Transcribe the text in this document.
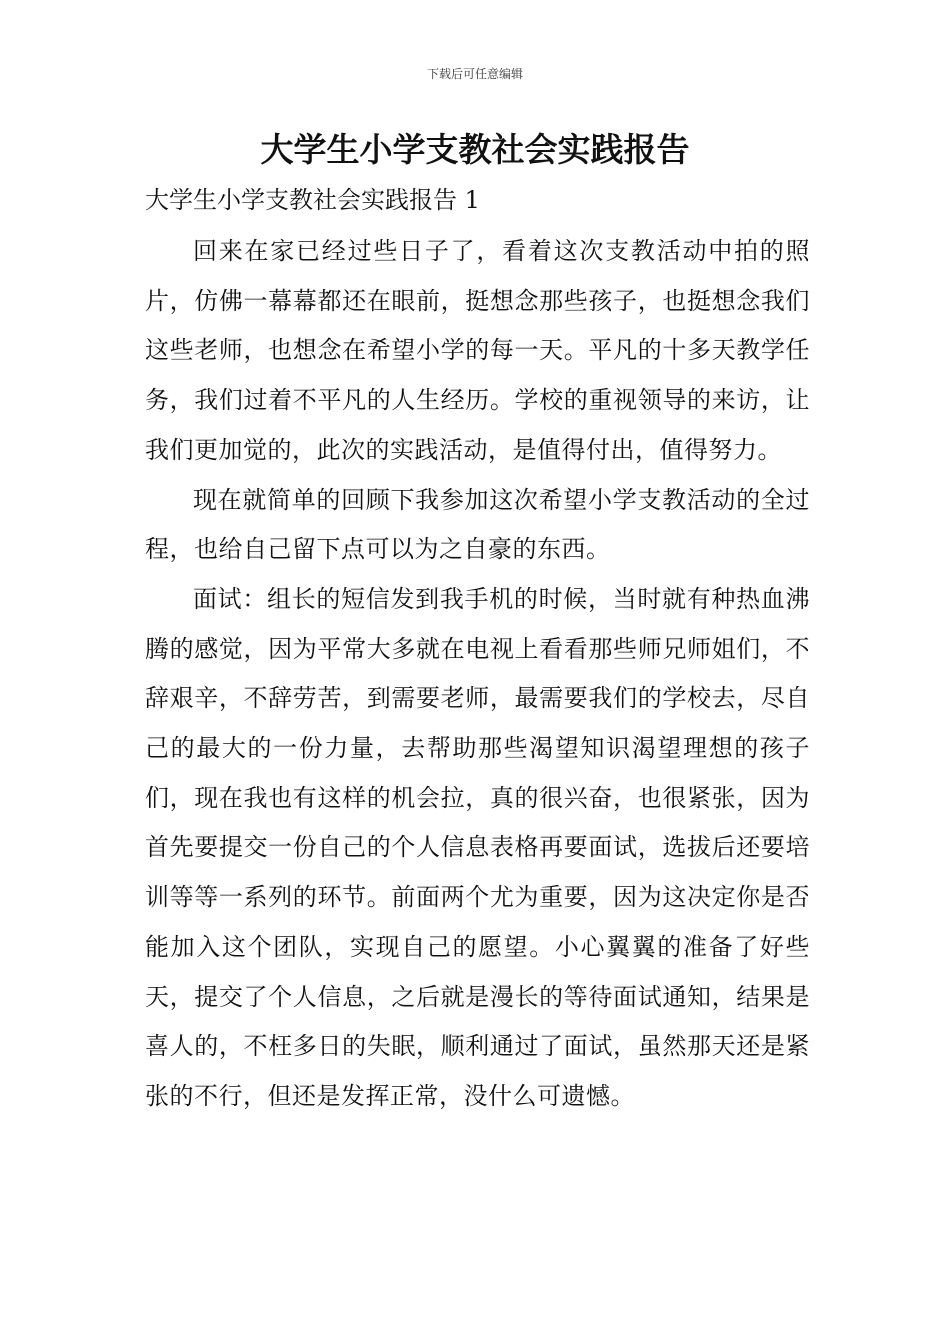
下载后可任意编辑
大学生小学支教社会实践报告
大学生小学支教社会实践报告 1

回来在家已经过些日子了，看着这次支教活动中拍的照片，仿佛一幕幕都还在眼前，挺想念那些孩子，也挺想念我们这些老师，也想念在希望小学的每一天。平凡的十多天教学任务，我们过着不平凡的人生经历。学校的重视领导的来访，让我们更加觉的，此次的实践活动，是值得付出，值得努力。

现在就简单的回顾下我参加这次希望小学支教活动的全过程，也给自己留下点可以为之自豪的东西。

面试：组长的短信发到我手机的时候，当时就有种热血沸腾的感觉，因为平常大多就在电视上看看那些师兄师姐们，不辞艰辛，不辞劳苦，到需要老师，最需要我们的学校去，尽自己的最大的一份力量，去帮助那些渴望知识渴望理想的孩子们，现在我也有这样的机会拉，真的很兴奋，也很紧张，因为首先要提交一份自己的个人信息表格再要面试，选拔后还要培训等等一系列的环节。前面两个尤为重要，因为这决定你是否能加入这个团队，实现自己的愿望。小心翼翼的准备了好些天，提交了个人信息，之后就是漫长的等待面试通知，结果是喜人的，不枉多日的失眠，顺利通过了面试，虽然那天还是紧张的不行，但还是发挥正常，没什么可遗憾。
